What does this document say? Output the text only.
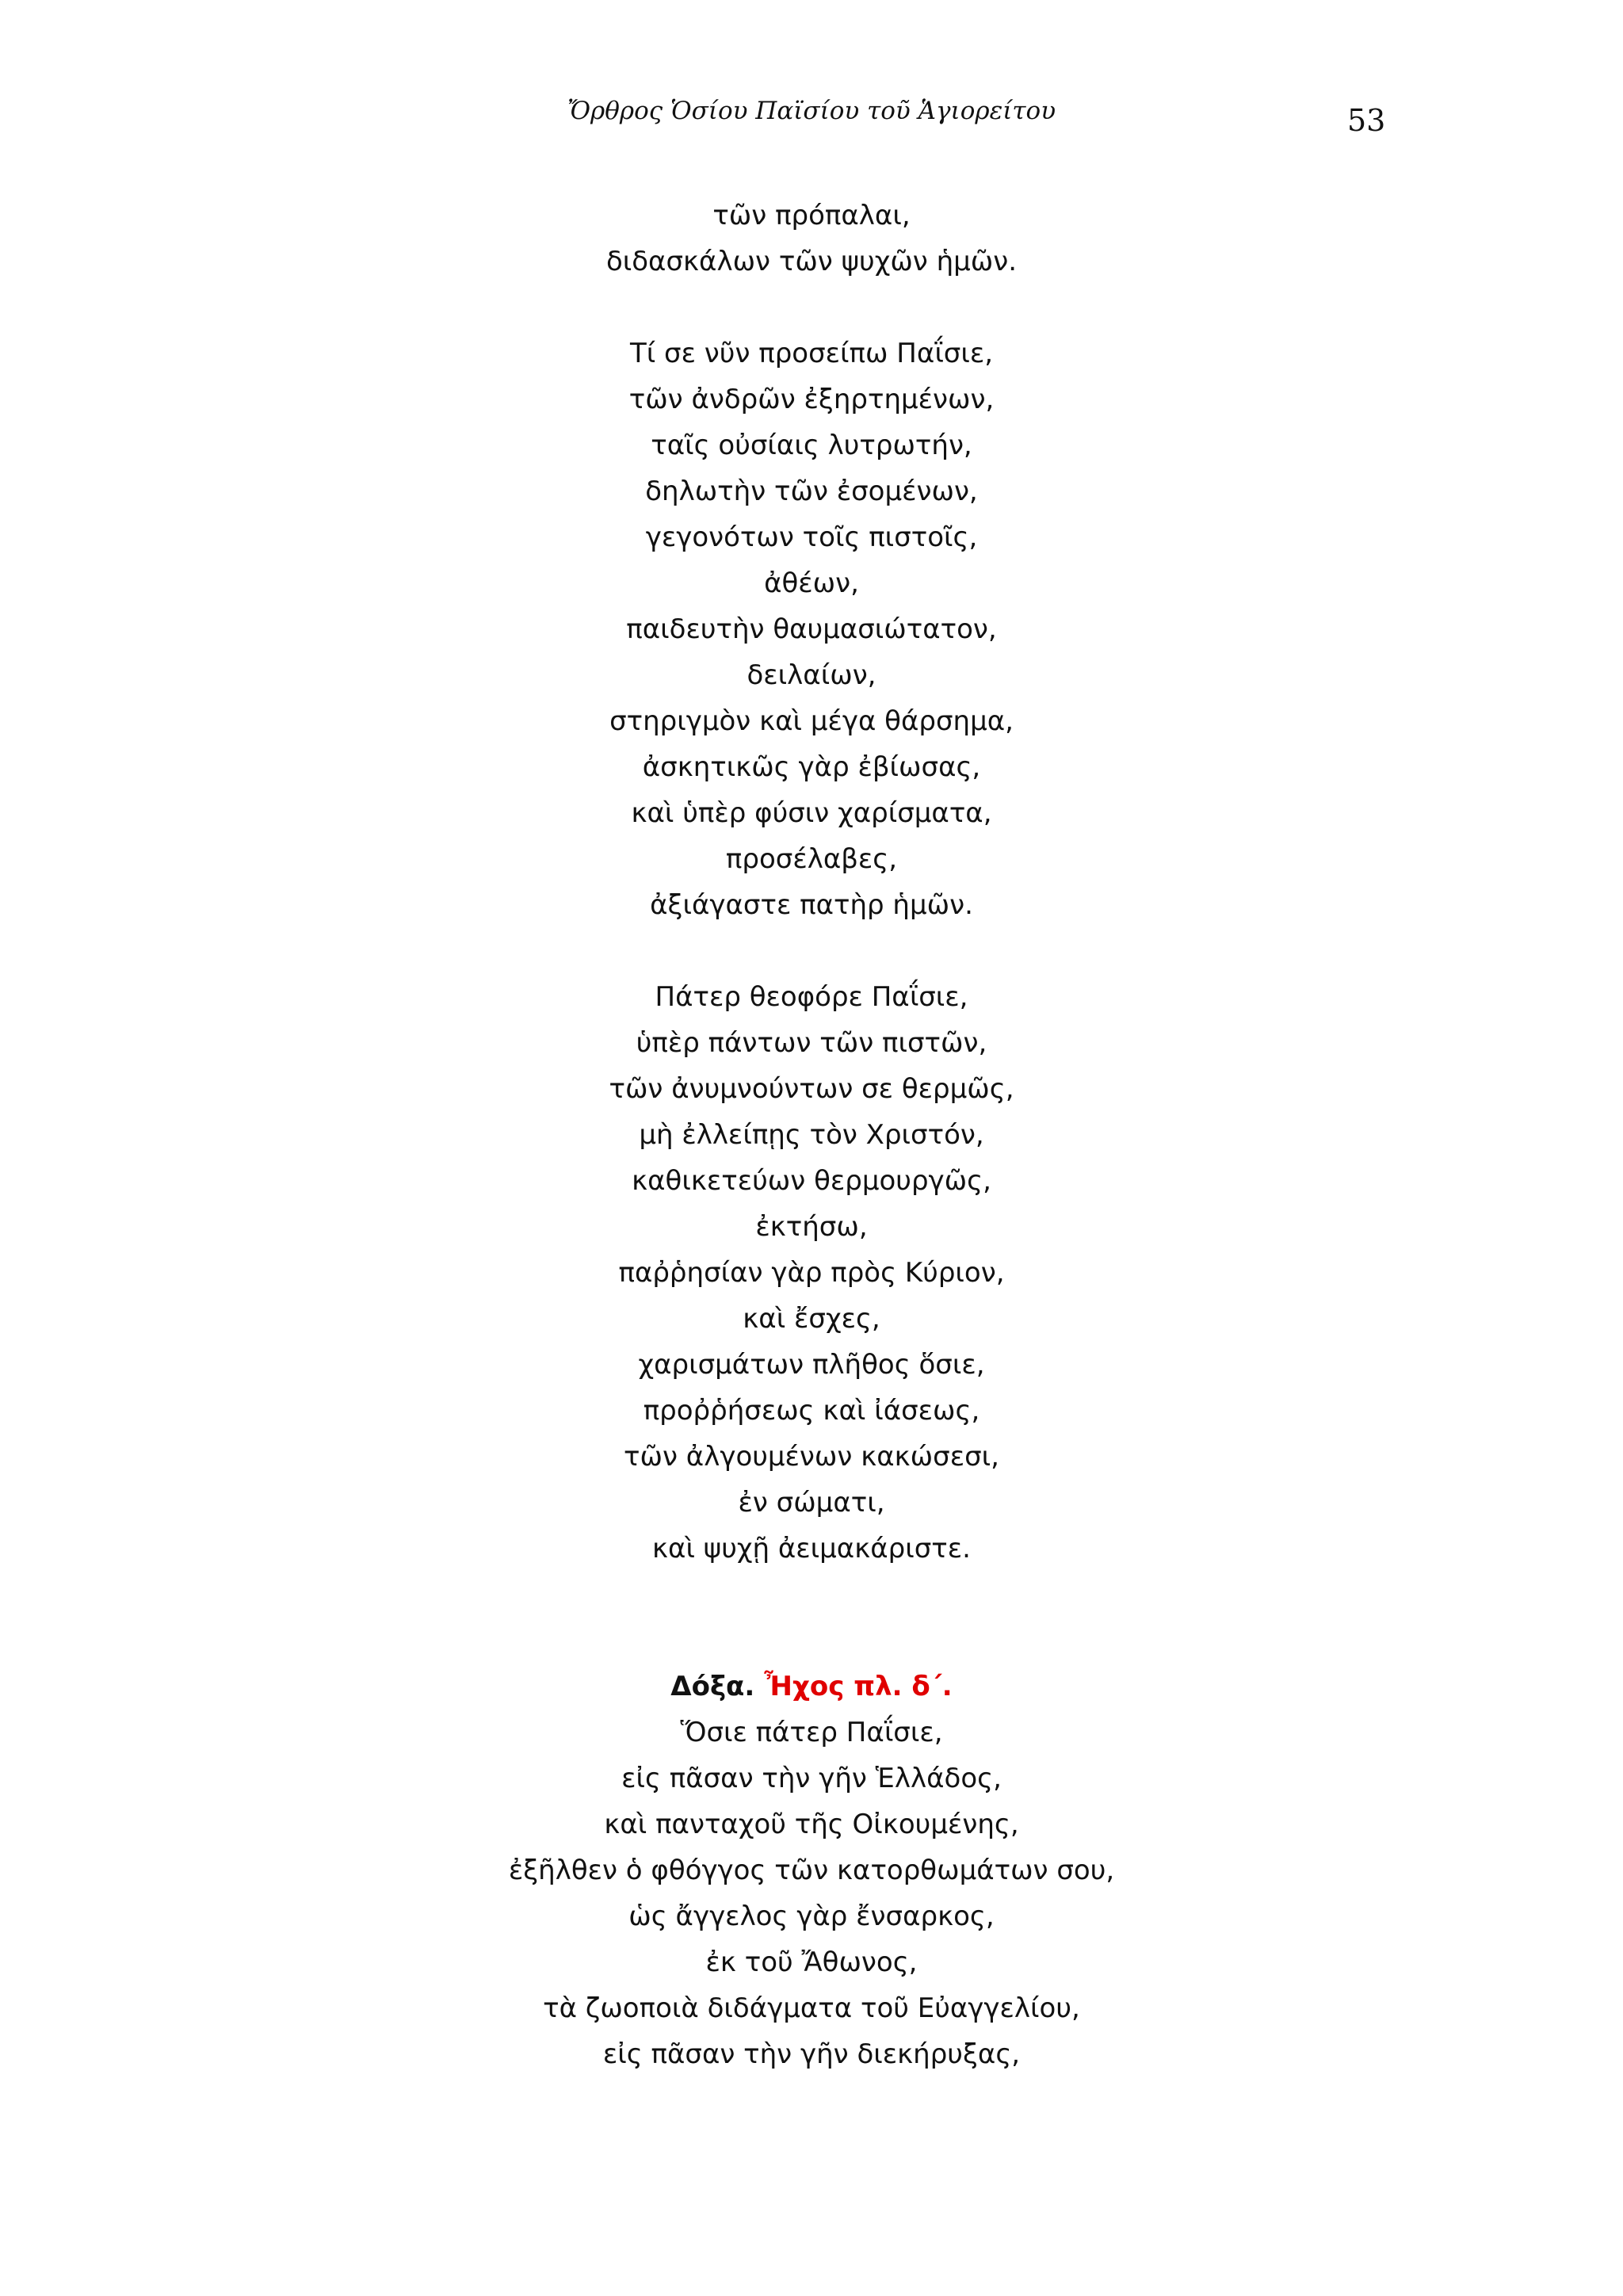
Ὄρθρος Ὁσίου Παϊσίου τοῦ Ἁγιορείτου	53
τῶν πρόπαλαι,
διδασκάλων τῶν ψυχῶν ἡμῶν.
Τί σε νῦν προσείπω Παΐσιε,
τῶν ἀνδρῶν ἐξηρτημένων,
ταῖς οὐσίαις λυτρωτήν,
δηλωτὴν τῶν ἐσομένων,
γεγονότων τοῖς πιστοῖς,
ἀθέων,
παιδευτὴν θαυμασιώτατον,
δειλαίων,
στηριγμὸν καὶ μέγα θάρσημα,
ἀσκητικῶς γὰρ ἐβίωσας,
καὶ ὑπὲρ φύσιν χαρίσματα,
προσέλαβες,
ἀξιάγαστε πατὴρ ἡμῶν.
Πάτερ θεοφόρε Παΐσιε,
ὑπὲρ πάντων τῶν πιστῶν,
τῶν ἀνυμνούντων σε θερμῶς,
μὴ ἐλλείπῃς τὸν Χριστόν,
καθικετεύων θερμουργῶς,
ἐκτήσω,
παῤῥησίαν γὰρ πρὸς Κύριον,
καὶ ἔσχες,
χαρισμάτων πλῆθος ὅσιε,
προῤῥήσεως καὶ ἰάσεως,
τῶν ἀλγουμένων κακώσεσι,
ἐν σώματι,
καὶ ψυχῇ ἀειμακάριστε.
Δόξα. Ἦχος πλ. δ΄.
Ὅσιε πάτερ Παΐσιε,
εἰς πᾶσαν τὴν γῆν Ἑλλάδος,
καὶ πανταχοῦ τῆς Οἰκουμένης,
ἐξῆλθεν ὁ φθόγγος τῶν κατορθωμάτων σου,
ὡς ἄγγελος γὰρ ἔνσαρκος,
ἐκ τοῦ Ἄθωνος,
τὰ ζωοποιὰ διδάγματα τοῦ Εὐαγγελίου,
εἰς πᾶσαν τὴν γῆν διεκήρυξας,
